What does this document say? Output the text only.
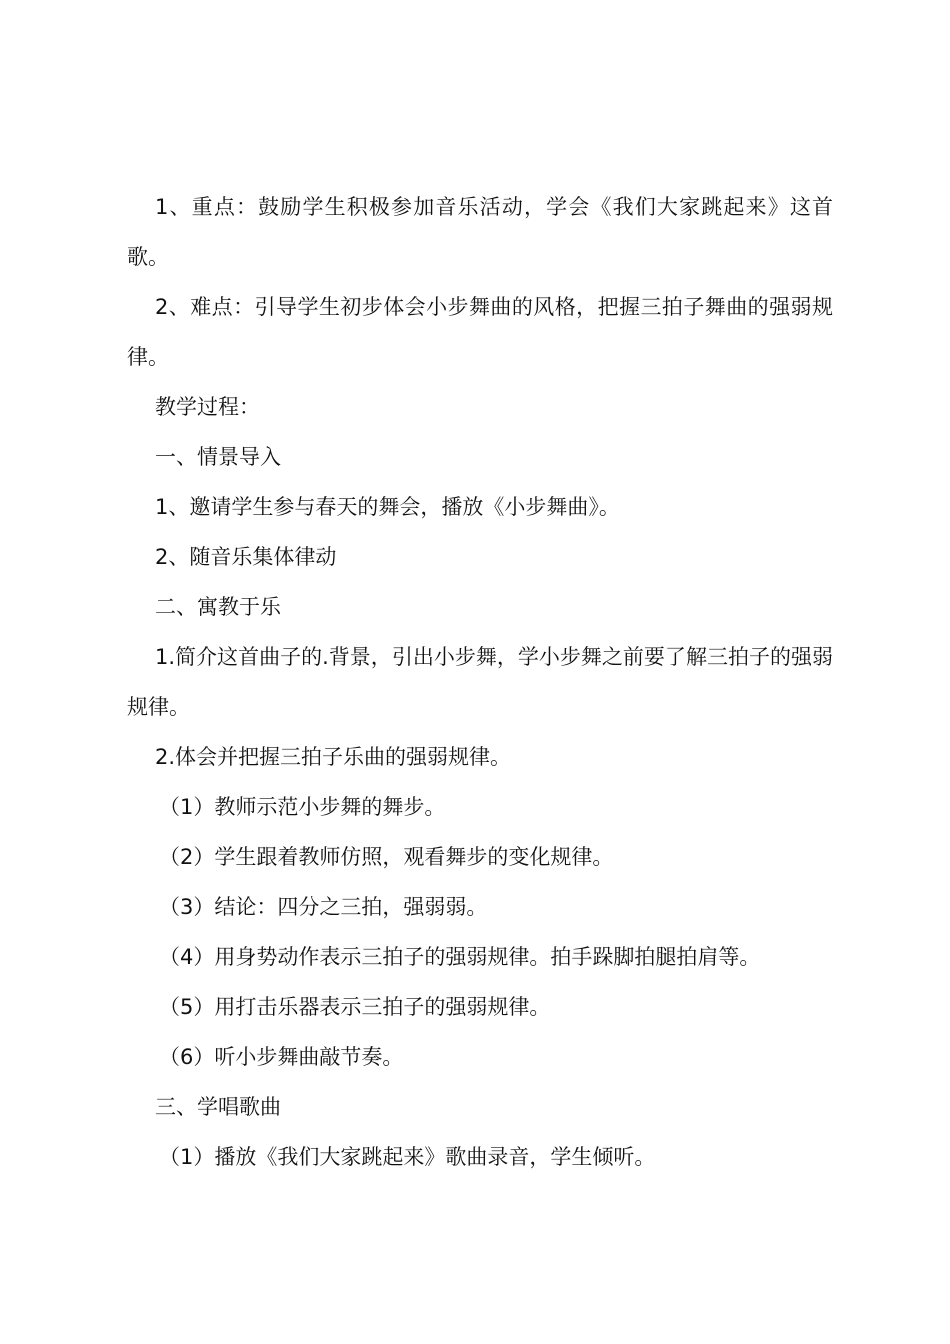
1、重点：鼓励学生积极参加音乐活动，学会《我们大家跳起来》这首歌。

2、难点：引导学生初步体会小步舞曲的风格，把握三拍子舞曲的强弱规律。

教学过程：

一、情景导入

1、邀请学生参与春天的舞会，播放《小步舞曲》。

2、随音乐集体律动

二、寓教于乐

1.简介这首曲子的.背景，引出小步舞，学小步舞之前要了解三拍子的强弱规律。

2.体会并把握三拍子乐曲的强弱规律。

（1）教师示范小步舞的舞步。

（2）学生跟着教师仿照，观看舞步的变化规律。

（3）结论：四分之三拍，强弱弱。

（4）用身势动作表示三拍子的强弱规律。拍手跺脚拍腿拍肩等。

（5）用打击乐器表示三拍子的强弱规律。

（6）听小步舞曲敲节奏。

三、学唱歌曲

（1）播放《我们大家跳起来》歌曲录音，学生倾听。
